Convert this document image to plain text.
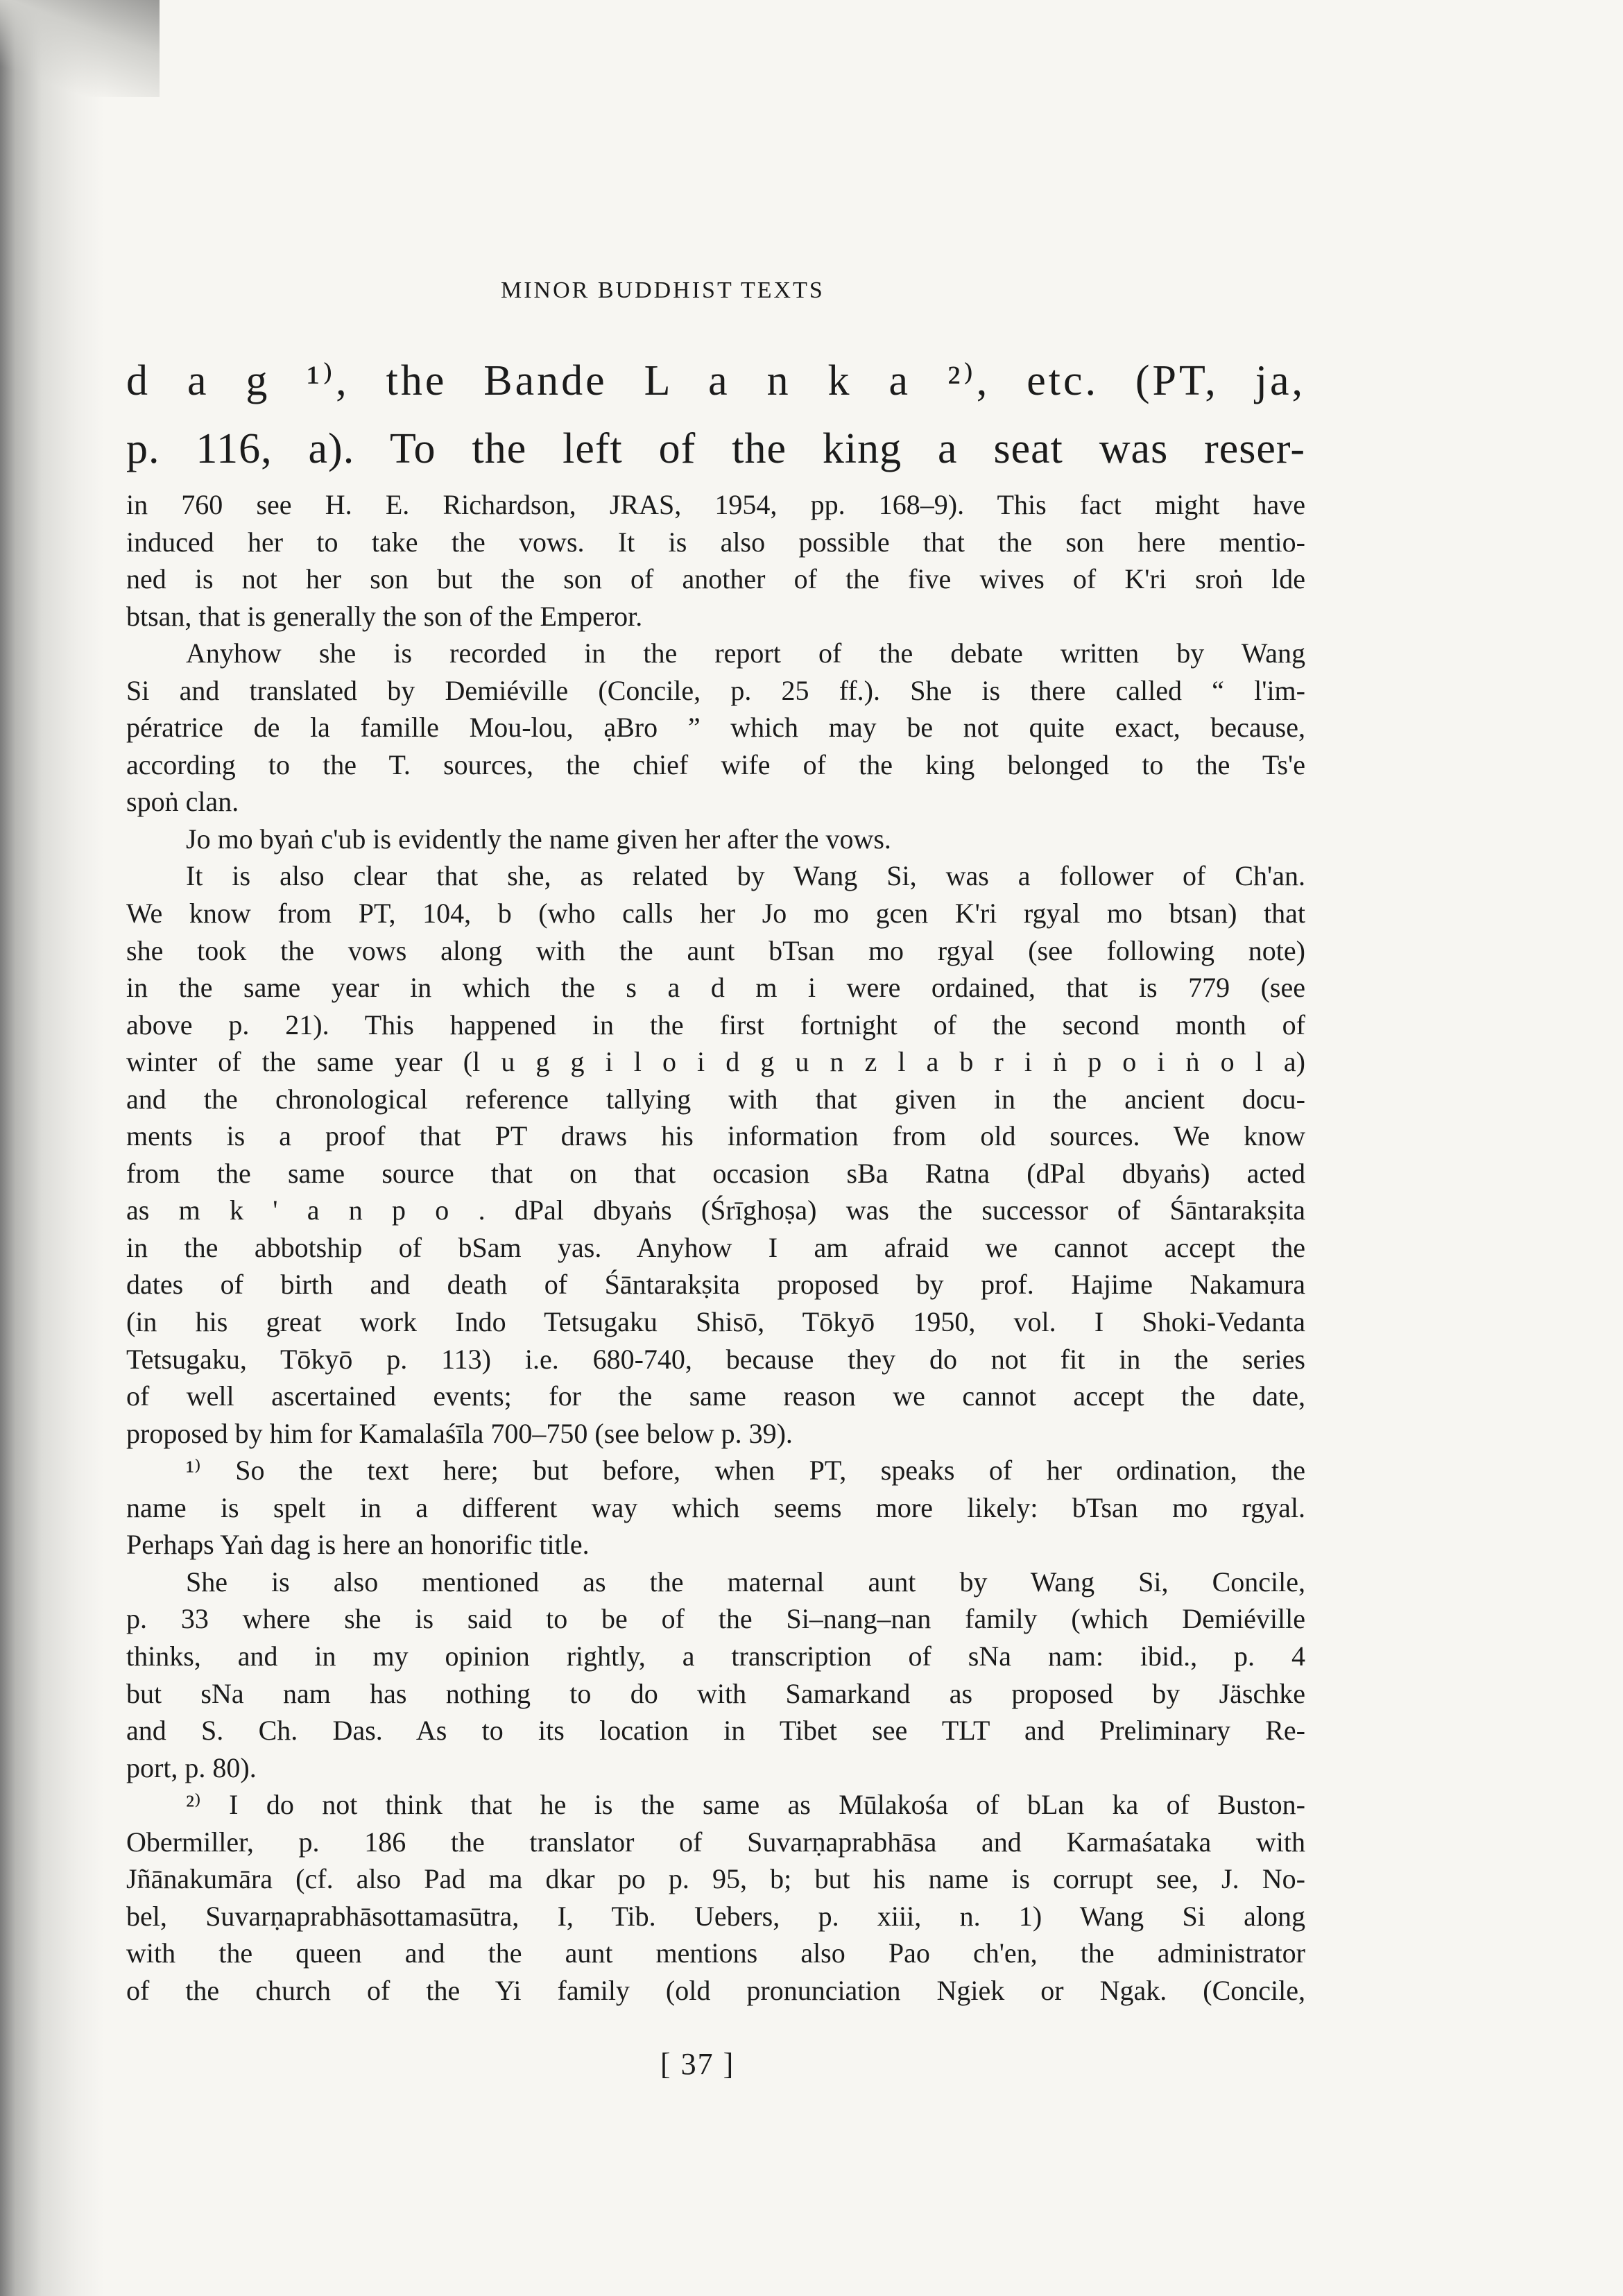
MINOR BUDDHIST TEXTS
d a g ¹⁾, the Bande L a n k a ²⁾, etc. (PT, ja,
p. 116, a). To the left of the king a seat was reser-
in 760 see H. E. Richardson, JRAS, 1954, pp. 168–9). This fact might have
induced her to take the vows. It is also possible that the son here mentio-
ned is not her son but the son of another of the five wives of K'ri sroṅ lde
btsan, that is generally the son of the Emperor.
Anyhow she is recorded in the report of the debate written by Wang
Si and translated by Demiéville (Concile, p. 25 ff.). She is there called “ l'im-
pératrice de la famille Mou-lou, ạBro ” which may be not quite exact, because,
according to the T. sources, the chief wife of the king belonged to the Ts'e
spoṅ clan.
Jo mo byaṅ c'ub is evidently the name given her after the vows.
It is also clear that she, as related by Wang Si, was a follower of Ch'an.
We know from PT, 104, b (who calls her Jo mo gcen K'ri rgyal mo btsan) that
she took the vows along with the aunt bTsan mo rgyal (see following note)
in the same year in which the s a d m i were ordained, that is 779 (see
above p. 21). This happened in the first fortnight of the second month of
winter of the same year (l u g g i l o i d g u n z l a b r i ṅ p o i ṅ o l a)
and the chronological reference tallying with that given in the ancient docu-
ments is a proof that PT draws his information from old sources. We know
from the same source that on that occasion sBa Ratna (dPal dbyaṅs) acted
as m k ' a n p o . dPal dbyaṅs (Śrīghoṣa) was the successor of Śāntarakṣita
in the abbotship of bSam yas. Anyhow I am afraid we cannot accept the
dates of birth and death of Śāntarakṣita proposed by prof. Hajime Nakamura
(in his great work Indo Tetsugaku Shisō, Tōkyō 1950, vol. I Shoki-Vedanta
Tetsugaku, Tōkyō p. 113) i.e. 680-740, because they do not fit in the series
of well ascertained events; for the same reason we cannot accept the date,
proposed by him for Kamalaśīla 700–750 (see below p. 39).
¹⁾ So the text here; but before, when PT, speaks of her ordination, the
name is spelt in a different way which seems more likely: bTsan mo rgyal.
Perhaps Yaṅ dag is here an honorific title.
She is also mentioned as the maternal aunt by Wang Si, Concile,
p. 33 where she is said to be of the Si–nang–nan family (which Demiéville
thinks, and in my opinion rightly, a transcription of sNa nam: ibid., p. 4
but sNa nam has nothing to do with Samarkand as proposed by Jäschke
and S. Ch. Das. As to its location in Tibet see TLT and Preliminary Re-
port, p. 80).
²⁾ I do not think that he is the same as Mūlakośa of bLan ka of Buston-
Obermiller, p. 186 the translator of Suvarṇaprabhāsa and Karmaśataka with
Jñānakumāra (cf. also Pad ma dkar po p. 95, b; but his name is corrupt see, J. No-
bel, Suvarṇaprabhāsottamasūtra, I, Tib. Uebers, p. xiii, n. 1) Wang Si along
with the queen and the aunt mentions also Pao ch'en, the administrator
of the church of the Yi family (old pronunciation Ngiek or Ngak. (Concile,
[ 37 ]
